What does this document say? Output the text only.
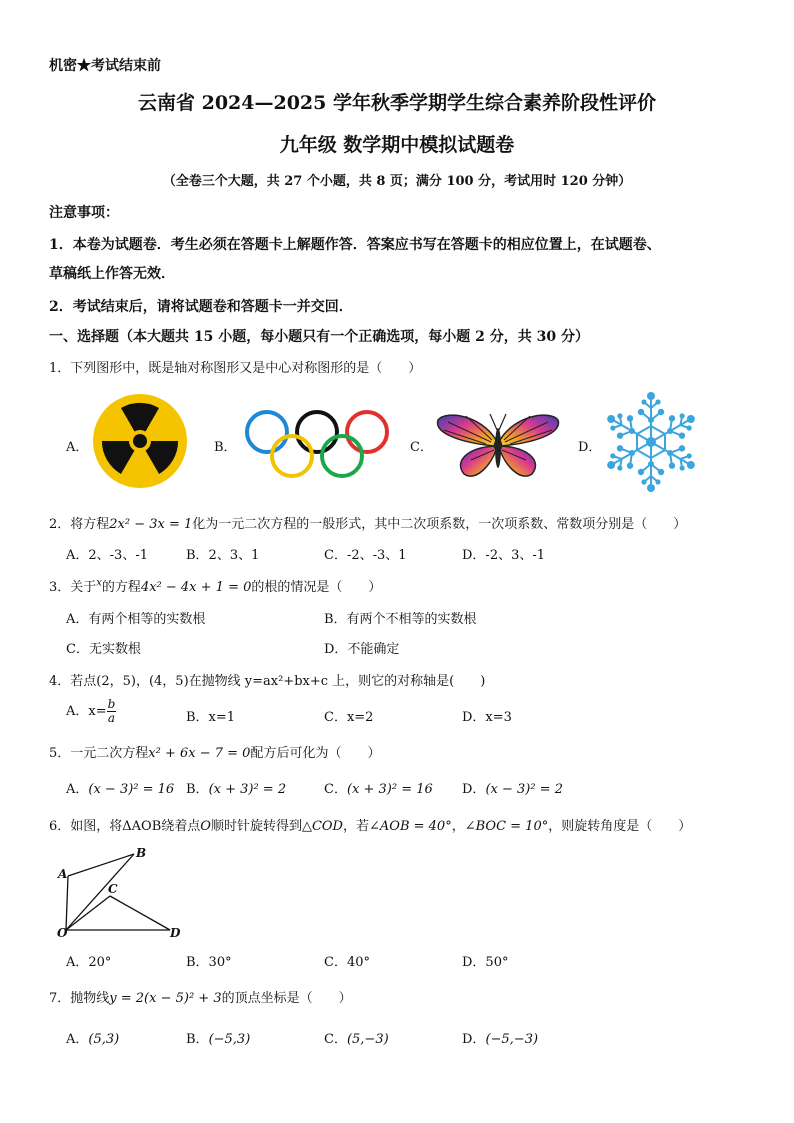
机密★考试结束前
云南省 2024—2025 学年秋季学期学生综合素养阶段性评价
九年级 数学期中模拟试题卷
（全卷三个大题，共 27 个小题，共 8 页；满分 100 分，考试用时 120 分钟）
注意事项：
1．本卷为试题卷．考生必须在答题卡上解题作答．答案应书写在答题卡的相应位置上，在试题卷、
草稿纸上作答无效．
2．考试结束后，请将试题卷和答题卡一并交回．
一、选择题（本大题共 15 小题，每小题只有一个正确选项，每小题 2 分，共 30 分）
1．下列图形中，既是轴对称图形又是中心对称图形的是（　　）
A．	B．	C．	D．
2．将方程2x² − 3x = 1化为一元二次方程的一般形式，其中二次项系数，一次项系数、常数项分别是（　　）
A．2、-3、-1	B．2、3、1	C．-2、-3、1	D．-2、3、-1
3．关于$^x$的方程4x² − 4x + 1 = 0的根的情况是（　　）
A．有两个相等的实数根	B．有两个不相等的实数根
C．无实数根	D．不能确定
4．若点(2，5)，(4，5)在抛物线 y=ax²+bx+c 上，则它的对称轴是(　　)
A．$x= \frac{b}{a}$	B．x=1	C．x=2	D．x=3
5．一元二次方程x² + 6x − 7 = 0配方后可化为（　　）
A．(x − 3)² = 16 B．(x + 3)² = 2	C．(x + 3)² = 16 D．(x − 3)² = 2
6．如图，将ΔAOB绕着点O顺时针旋转得到△COD，若∠AOB = 40°，∠BOC = 10°，则旋转角度是（　　）
A
B
C
O	D
A．20°	B．30°	C．40°	D．50°
7．抛物线y = 2(x − 5)² + 3的顶点坐标是（　　）
A．(5,3)	B．(−5,3)	C．(5,−3)	D．(−5,−3)
